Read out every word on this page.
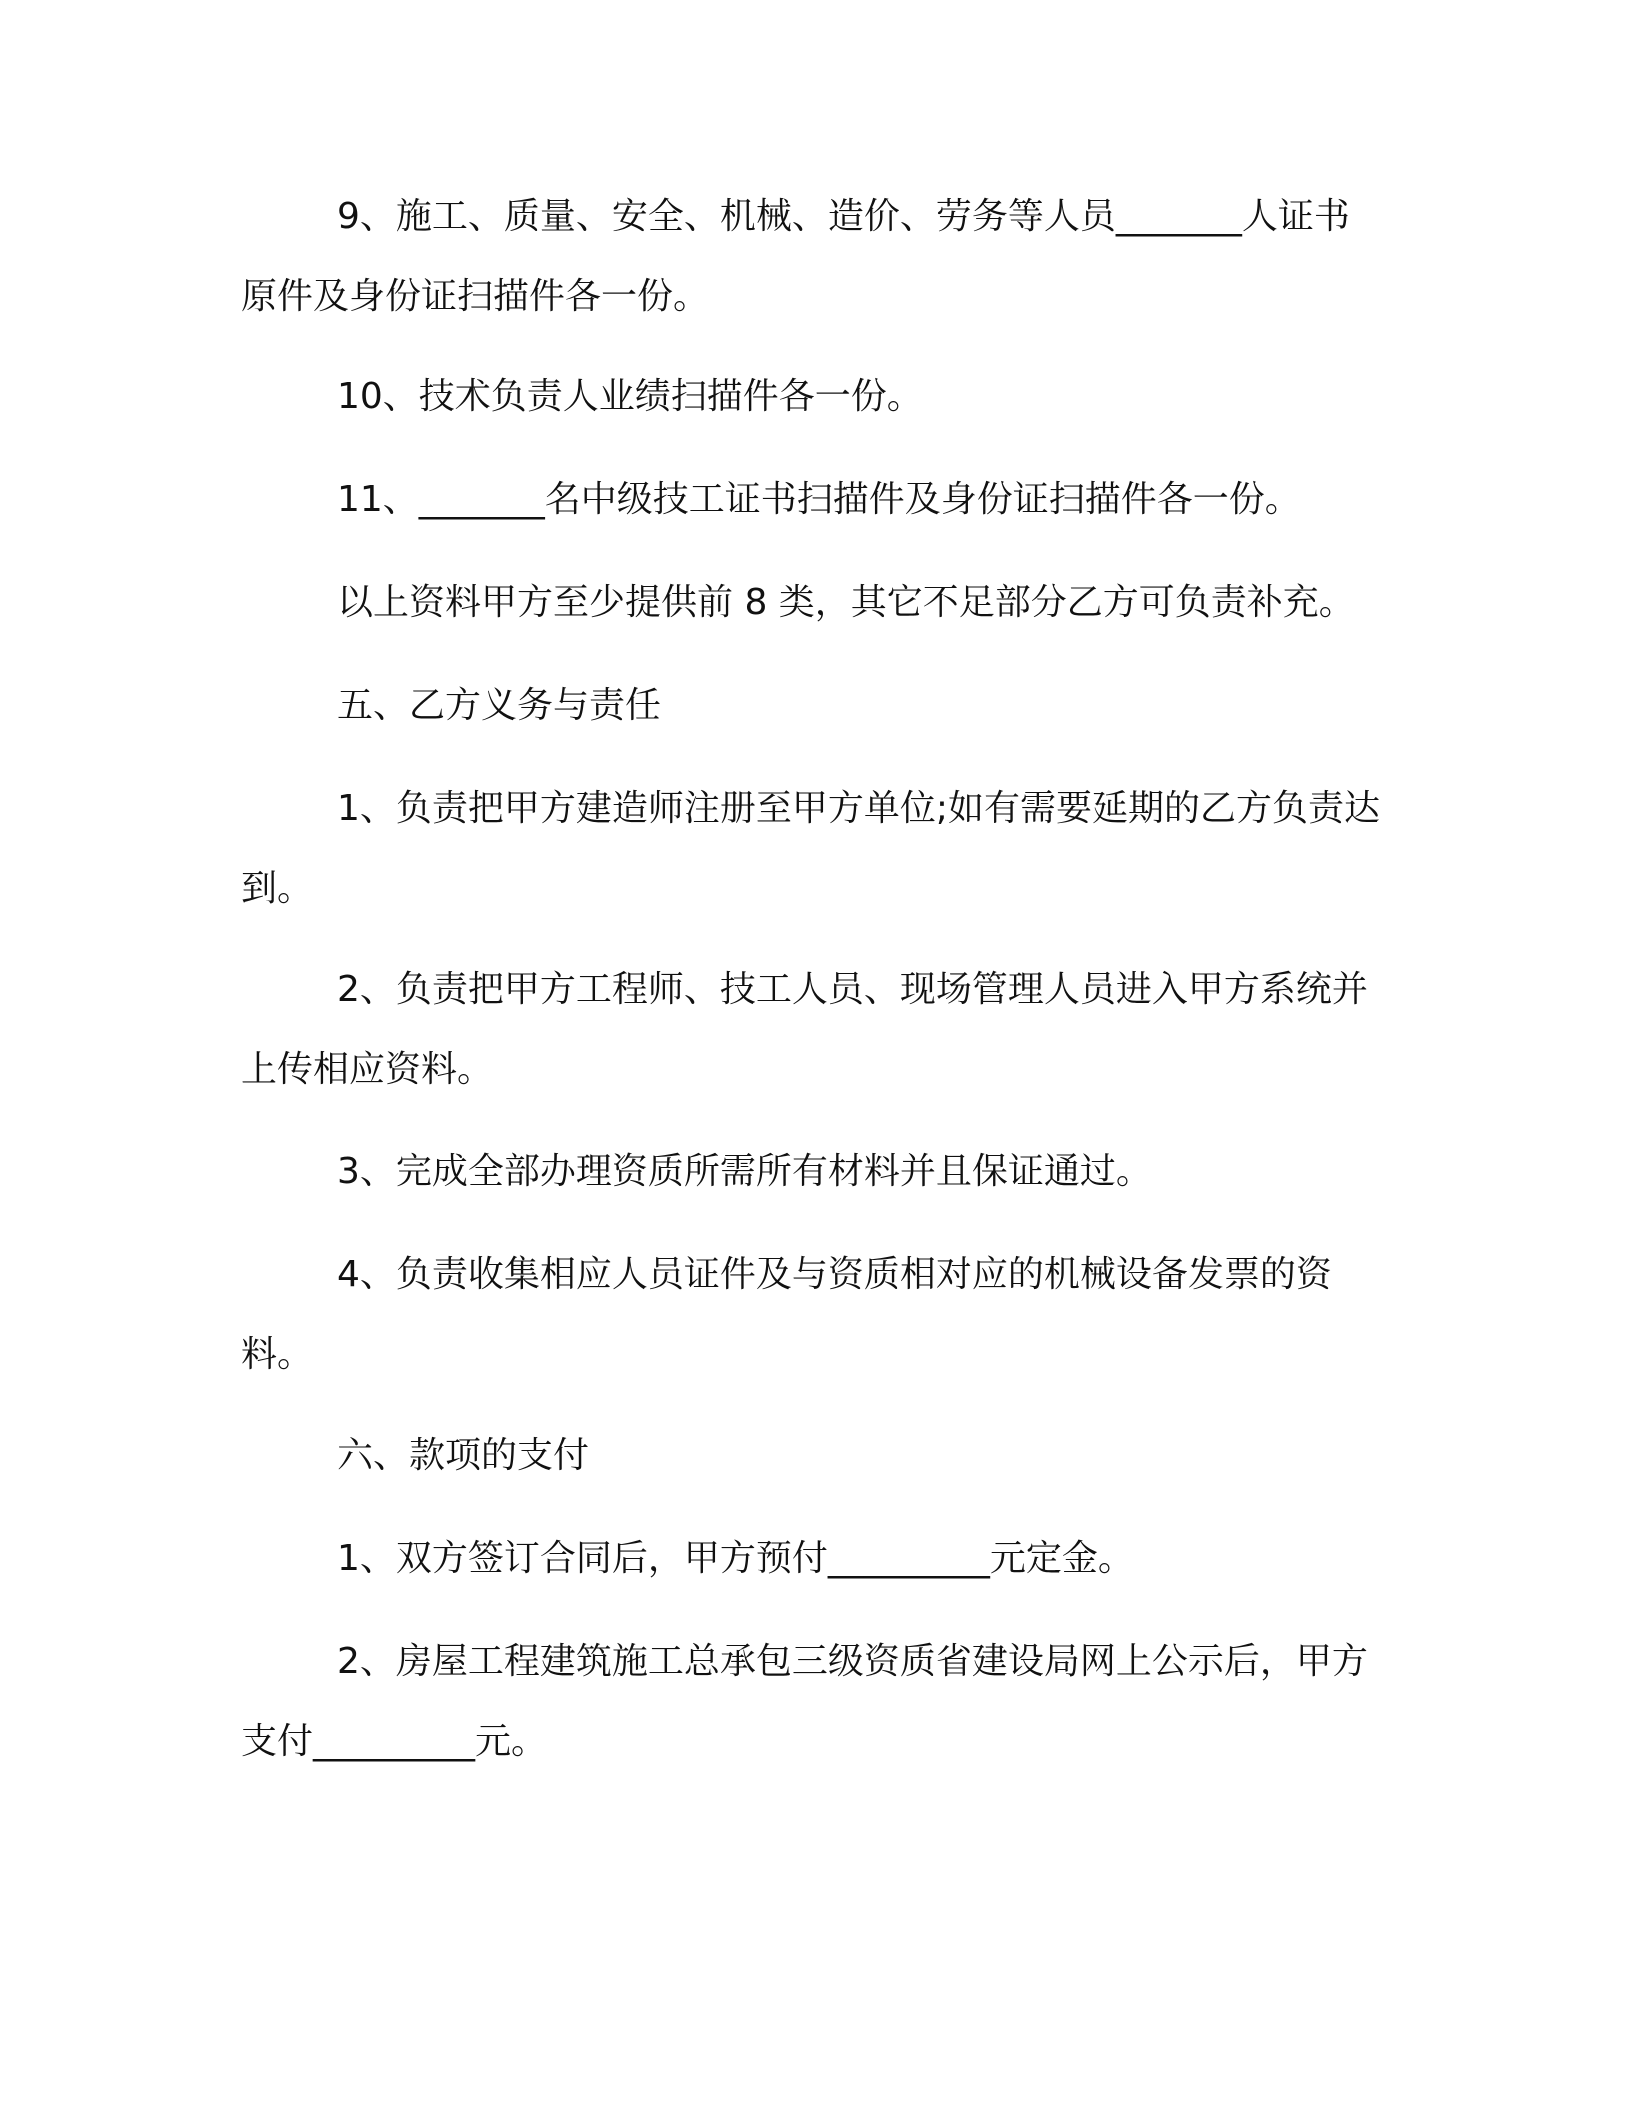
9、施工、质量、安全、机械、造价、劳务等人员_______人证书原件及身份证扫描件各一份。

10、技术负责人业绩扫描件各一份。

11、_______名中级技工证书扫描件及身份证扫描件各一份。

以上资料甲方至少提供前 8 类，其它不足部分乙方可负责补充。

五、乙方义务与责任

1、负责把甲方建造师注册至甲方单位;如有需要延期的乙方负责达到。

2、负责把甲方工程师、技工人员、现场管理人员进入甲方系统并上传相应资料。

3、完成全部办理资质所需所有材料并且保证通过。

4、负责收集相应人员证件及与资质相对应的机械设备发票的资料。

六、款项的支付

1、双方签订合同后，甲方预付_________元定金。

2、房屋工程建筑施工总承包三级资质省建设局网上公示后，甲方支付_________元。
